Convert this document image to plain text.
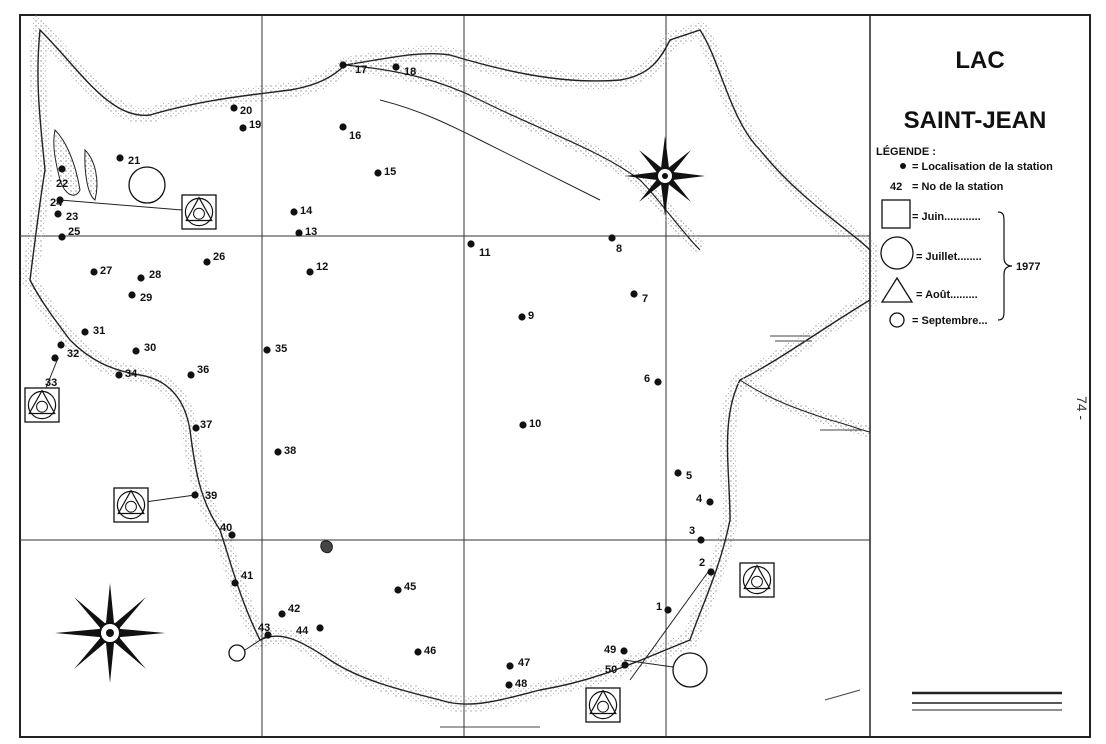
LAC
SAINT-JEAN
LÉGENDE :
= Localisation de la station
42 = No de la station
= Juin............
= Juillet........
= Août.........
= Septembre...
1977
1
2
3
4
5
6
7
8
9
10
11
12
13
14
15
16
17	18
19
20
21
22
23
24
25
26
27	28
29
30
31
32
33
34
35
36
37
38
39
40
41
42
43 44
45
46
47
48
49
50
74 -
